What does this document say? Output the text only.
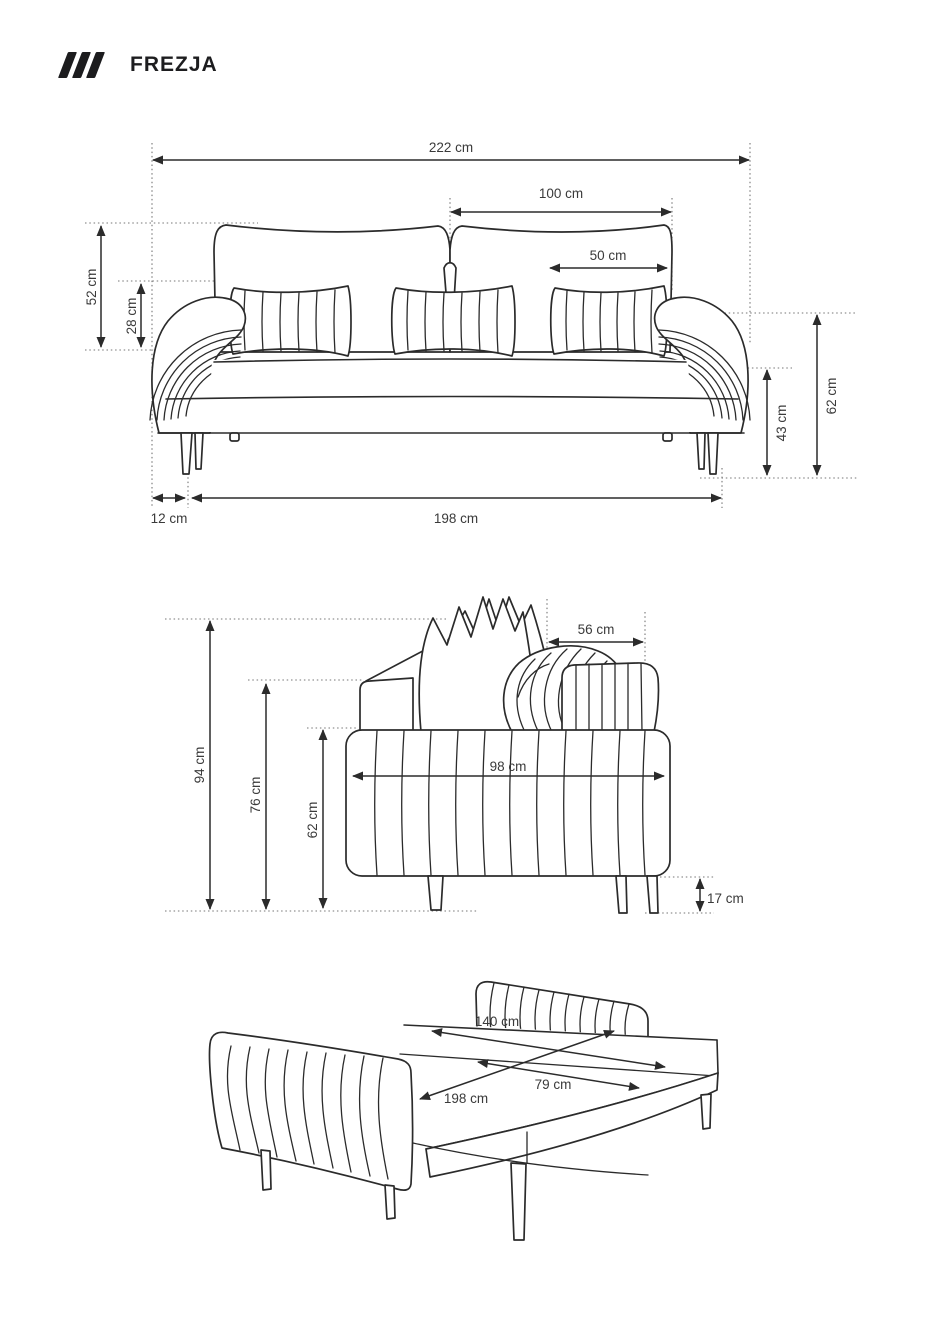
FREZJA
222 cm
100 cm
50 cm
52 cm
28 cm
43 cm
62 cm
12 cm	198 cm
94 cm
76 cm
62 cm
98 cm
56 cm
17 cm
140 cm
79 cm
198 cm
